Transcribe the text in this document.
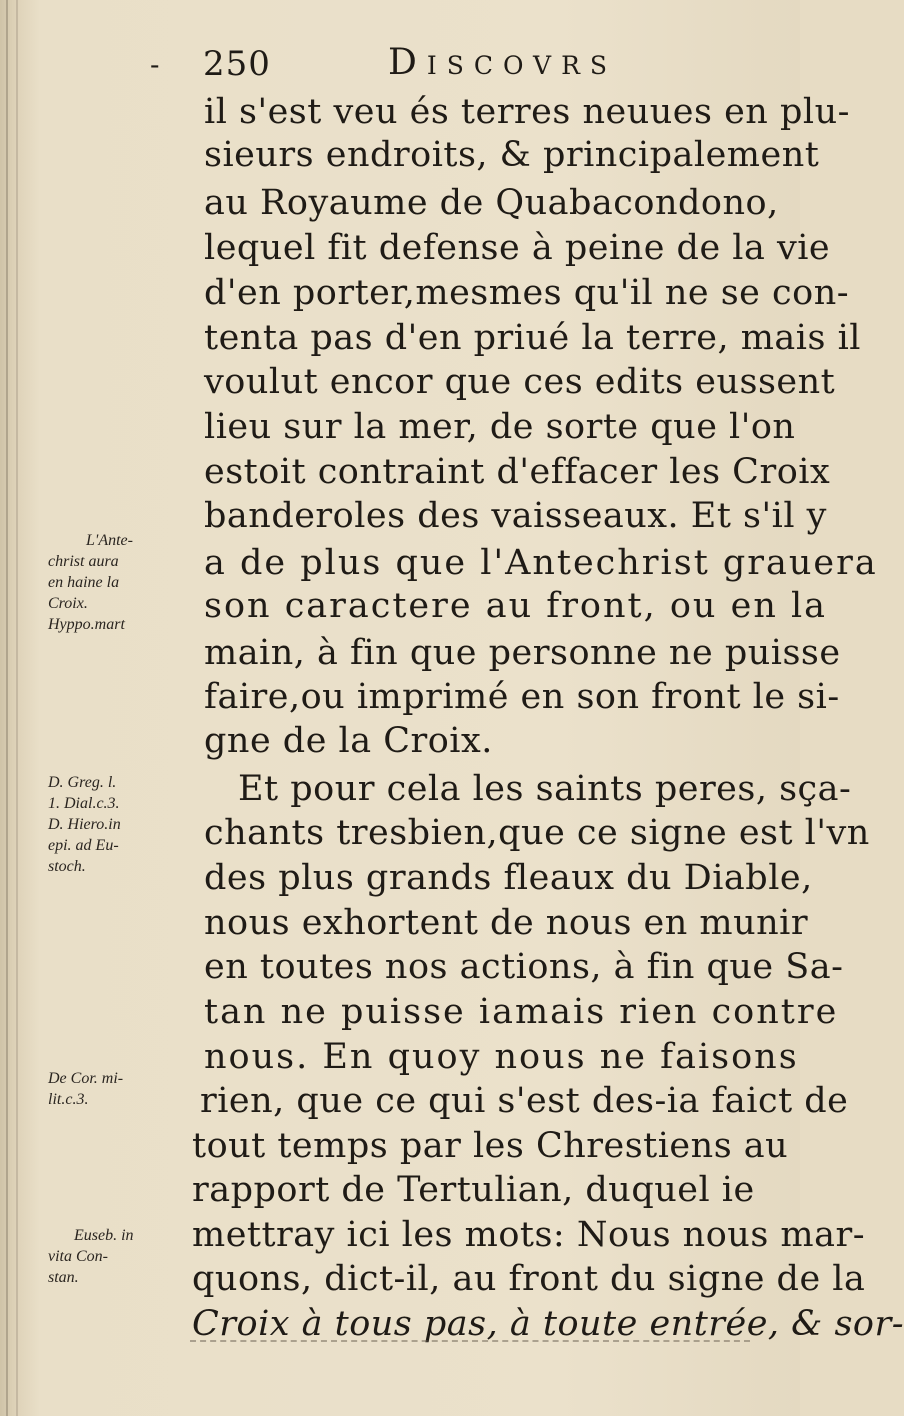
- 250	Discovrs
il s'est veu és terres neuues en plu-
sieurs endroits, & principalement
au Royaume de Quabacondono,
lequel fit defense à peine de la vie
d'en porter,mesmes qu'il ne se con-
tenta pas d'en priué la terre, mais il
voulut encor que ces edits eussent
lieu sur la mer, de sorte que l'on
estoit contraint d'effacer les Croix
banderoles des vaisseaux. Et s'il y
a de plus que l'Antechrist grauera
son caractere au front, ou en la
main, à fin que personne ne puisse
faire,ou imprimé en son front le si-
gne de la Croix.
Et pour cela les saints peres, sça-
chants tresbien,que ce signe est l'vn
des plus grands fleaux du Diable,
nous exhortent de nous en munir
en toutes nos actions, à fin que Sa-
tan ne puisse iamais rien contre
nous. En quoy nous ne faisons
rien, que ce qui s'est des-ia faict de
tout temps par les Chrestiens au
rapport de Tertulian, duquel ie
mettray ici les mots: Nous nous mar-
quons, dict-il, au front du signe de la
Croix à tous pas, à toute entrée, & sor-
L'Ante-
christ aura
en haine la
Croix.
Hyppo.mart
D. Greg. l.
1. Dial.c.3.
D. Hiero.in
epi. ad Eu-
stoch.
De Cor. mi-
lit.c.3.
Euseb. in
vita Con-
stan.
